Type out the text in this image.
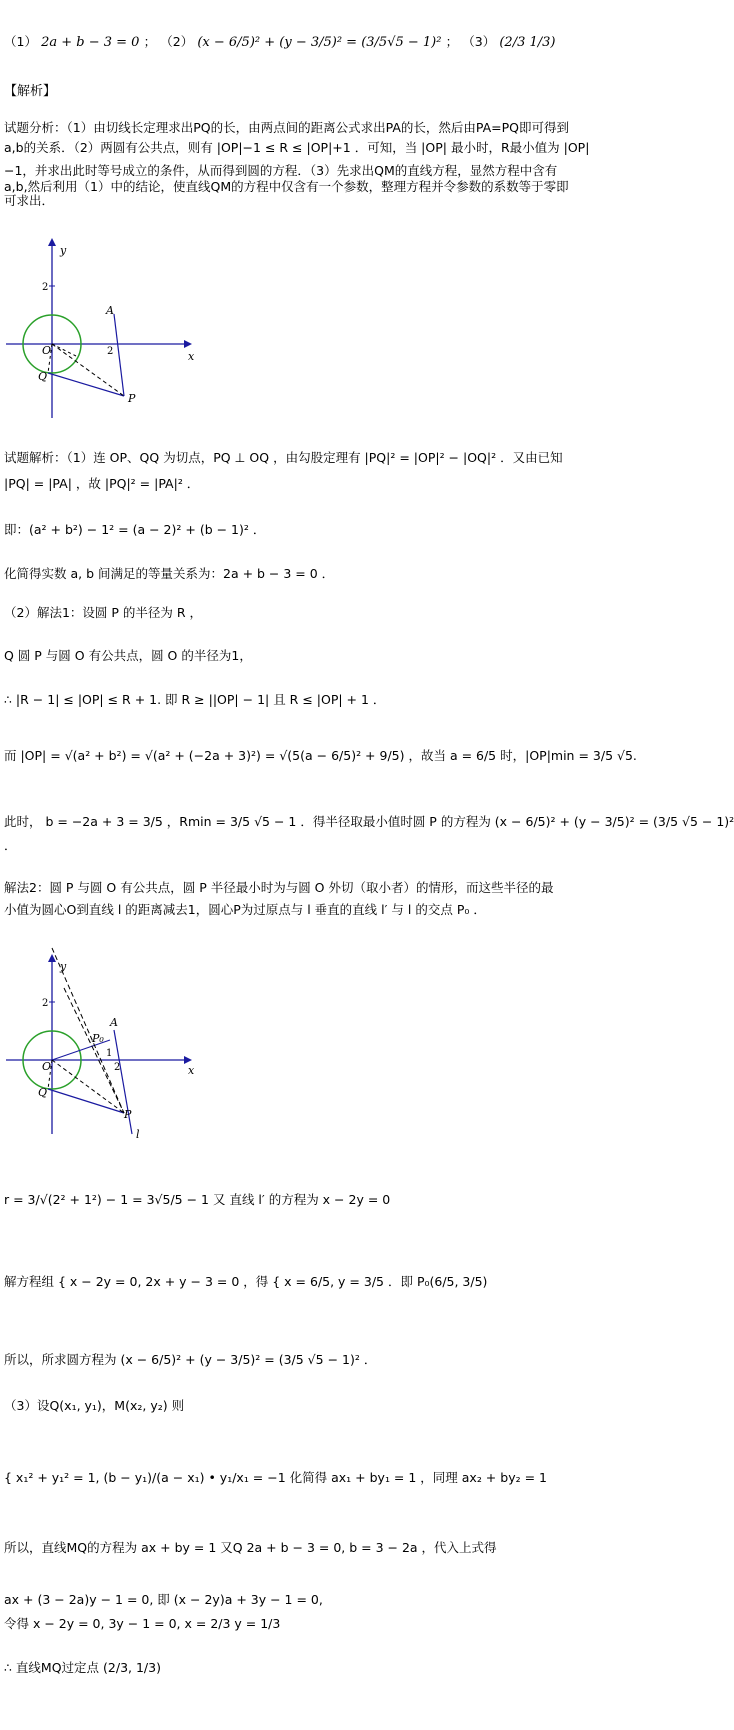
（1） 2a + b − 3 = 0 ； （2） (x − 6/5)² + (y − 3/5)² = (3/5√5 − 1)² ； （3） (2/3 1/3)
【解析】
试题分析：（1）由切线长定理求出PQ的长，由两点间的距离公式求出PA的长，然后由PA=PQ即可得到
a,b的关系．（2）两圆有公共点，则有 |OP|−1 ≤ R ≤ |OP|+1 ．可知，当 |OP| 最小时，R最小值为 |OP|
−1，并求出此时等号成立的条件，从而得到圆的方程．（3）先求出QM的直线方程，显然方程中含有
a,b,然后利用（1）中的结论，使直线QM的方程中仅含有一个参数，整理方程并令参数的系数等于零即
可求出．
y
2
A
O	2	x
Q
P
试题解析：（1）连 OP、QQ 为切点，PQ ⊥ OQ ，由勾股定理有 |PQ|² = |OP|² − |OQ|² ．又由已知
|PQ| = |PA| ，故 |PQ|² = |PA|² ．
即：(a² + b²) − 1² = (a − 2)² + (b − 1)² ．
化简得实数 a, b 间满足的等量关系为：2a + b − 3 = 0 ．
（2）解法1：设圆 P 的半径为 R ，
Q 圆 P 与圆 O 有公共点，圆 O 的半径为1，
∴ |R − 1| ≤ |OP| ≤ R + 1. 即 R ≥ ||OP| − 1| 且 R ≤ |OP| + 1 ．
而 |OP| = √(a² + b²) = √(a² + (−2a + 3)²) = √(5(a − 6/5)² + 9/5) ，故当 a = 6/5 时，|OP|min = 3/5 √5.
此时， b = −2a + 3 = 3/5 ，Rmin = 3/5 √5 − 1 ．得半径取最小值时圆 P 的方程为 (x − 6/5)² + (y − 3/5)² = (3/5 √5 − 1)²
．
解法2：圆 P 与圆 O 有公共点，圆 P 半径最小时为与圆 O 外切（取小者）的情形，而这些半径的最
小值为圆心O到直线 l 的距离减去1，圆心P为过原点与 l 垂直的直线 l′ 与 l 的交点 P₀ ．
y
2
A
P₀
O
1
2	x
Q
P
l
r = 3/√(2² + 1²) − 1 = 3√5/5 − 1 又 直线 l′ 的方程为 x − 2y = 0
解方程组 { x − 2y = 0, 2x + y − 3 = 0 ，得 { x = 6/5, y = 3/5 ．即 P₀(6/5, 3/5)
所以，所求圆方程为 (x − 6/5)² + (y − 3/5)² = (3/5 √5 − 1)² ．
（3）设Q(x₁, y₁)，M(x₂, y₂) 则
{ x₁² + y₁² = 1, (b − y₁)/(a − x₁) • y₁/x₁ = −1 化简得 ax₁ + by₁ = 1 ，同理 ax₂ + by₂ = 1
所以，直线MQ的方程为 ax + by = 1 又Q 2a + b − 3 = 0, b = 3 − 2a ，代入上式得
ax + (3 − 2a)y − 1 = 0, 即 (x − 2y)a + 3y − 1 = 0,
令得 x − 2y = 0, 3y − 1 = 0, x = 2/3 y = 1/3
∴ 直线MQ过定点 (2/3, 1/3)
